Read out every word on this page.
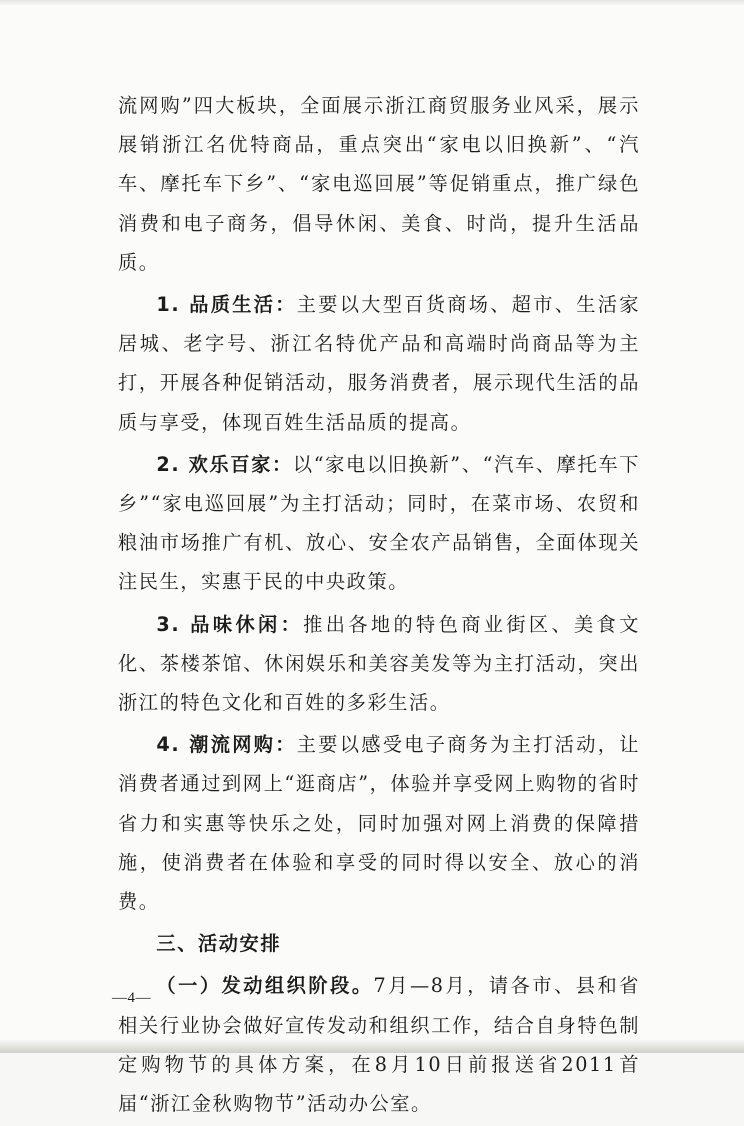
流网购”四大板块，全面展示浙江商贸服务业风采，展示展销浙江名优特商品，重点突出“家电以旧换新”、“汽车、摩托车下乡”、“家电巡回展”等促销重点，推广绿色消费和电子商务，倡导休闲、美食、时尚，提升生活品质。

1. 品质生活：主要以大型百货商场、超市、生活家居城、老字号、浙江名特优产品和高端时尚商品等为主打，开展各种促销活动，服务消费者，展示现代生活的品质与享受，体现百姓生活品质的提高。

2. 欢乐百家：以“家电以旧换新”、“汽车、摩托车下乡”“家电巡回展”为主打活动；同时，在菜市场、农贸和粮油市场推广有机、放心、安全农产品销售，全面体现关注民生，实惠于民的中央政策。

3. 品味休闲：推出各地的特色商业街区、美食文化、茶楼茶馆、休闲娱乐和美容美发等为主打活动，突出浙江的特色文化和百姓的多彩生活。

4. 潮流网购：主要以感受电子商务为主打活动，让消费者通过到网上“逛商店”，体验并享受网上购物的省时省力和实惠等快乐之处，同时加强对网上消费的保障措施，使消费者在体验和享受的同时得以安全、放心的消费。

三、活动安排

（一）发动组织阶段。7月—8月，请各市、县和省相关行业协会做好宣传发动和组织工作，结合自身特色制定购物节的具体方案，在8月10日前报送省2011首届“浙江金秋购物节”活动办公室。

—4—
